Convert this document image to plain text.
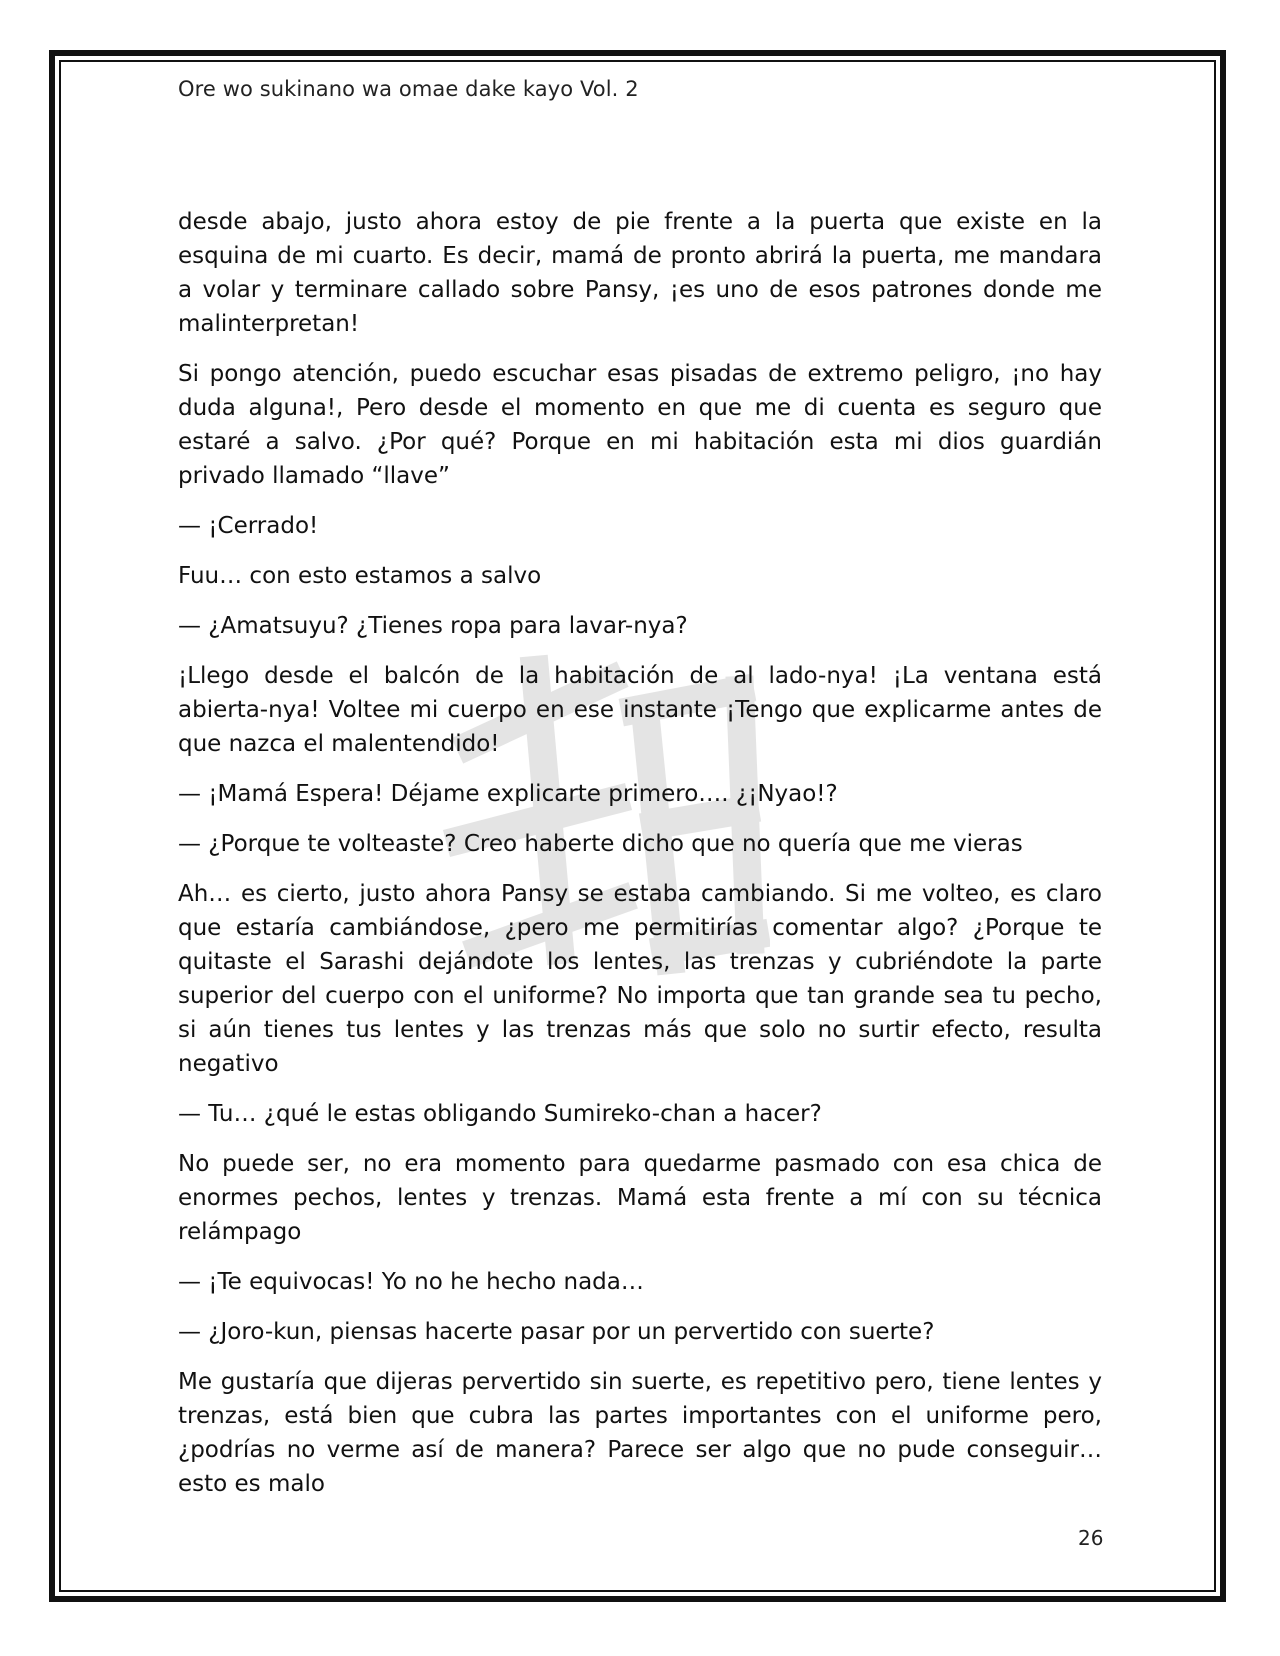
Ore wo sukinano wa omae dake kayo Vol. 2

desde abajo, justo ahora estoy de pie frente a la puerta que existe en la esquina de mi cuarto. Es decir, mamá de pronto abrirá la puerta, me mandara a volar y terminare callado sobre Pansy, ¡es uno de esos patrones donde me malinterpretan!

Si pongo atención, puedo escuchar esas pisadas de extremo peligro, ¡no hay duda alguna!, Pero desde el momento en que me di cuenta es seguro que estaré a salvo. ¿Por qué? Porque en mi habitación esta mi dios guardián privado llamado “llave”

— ¡Cerrado!

Fuu… con esto estamos a salvo

— ¿Amatsuyu? ¿Tienes ropa para lavar-nya?

¡Llego desde el balcón de la habitación de al lado-nya! ¡La ventana está abierta-nya! Voltee mi cuerpo en ese instante ¡Tengo que explicarme antes de que nazca el malentendido!

— ¡Mamá Espera! Déjame explicarte primero…. ¿¡Nyao!?

— ¿Porque te volteaste? Creo haberte dicho que no quería que me vieras

Ah… es cierto, justo ahora Pansy se estaba cambiando. Si me volteo, es claro que estaría cambiándose, ¿pero me permitirías comentar algo? ¿Porque te quitaste el Sarashi dejándote los lentes, las trenzas y cubriéndote la parte superior del cuerpo con el uniforme? No importa que tan grande sea tu pecho, si aún tienes tus lentes y las trenzas más que solo no surtir efecto, resulta negativo

— Tu… ¿qué le estas obligando Sumireko-chan a hacer?

No puede ser, no era momento para quedarme pasmado con esa chica de enormes pechos, lentes y trenzas. Mamá esta frente a mí con su técnica relámpago

— ¡Te equivocas! Yo no he hecho nada…

— ¿Joro-kun, piensas hacerte pasar por un pervertido con suerte?

Me gustaría que dijeras pervertido sin suerte, es repetitivo pero, tiene lentes y trenzas, está bien que cubra las partes importantes con el uniforme pero, ¿podrías no verme así de manera? Parece ser algo que no pude conseguir… esto es malo

26
